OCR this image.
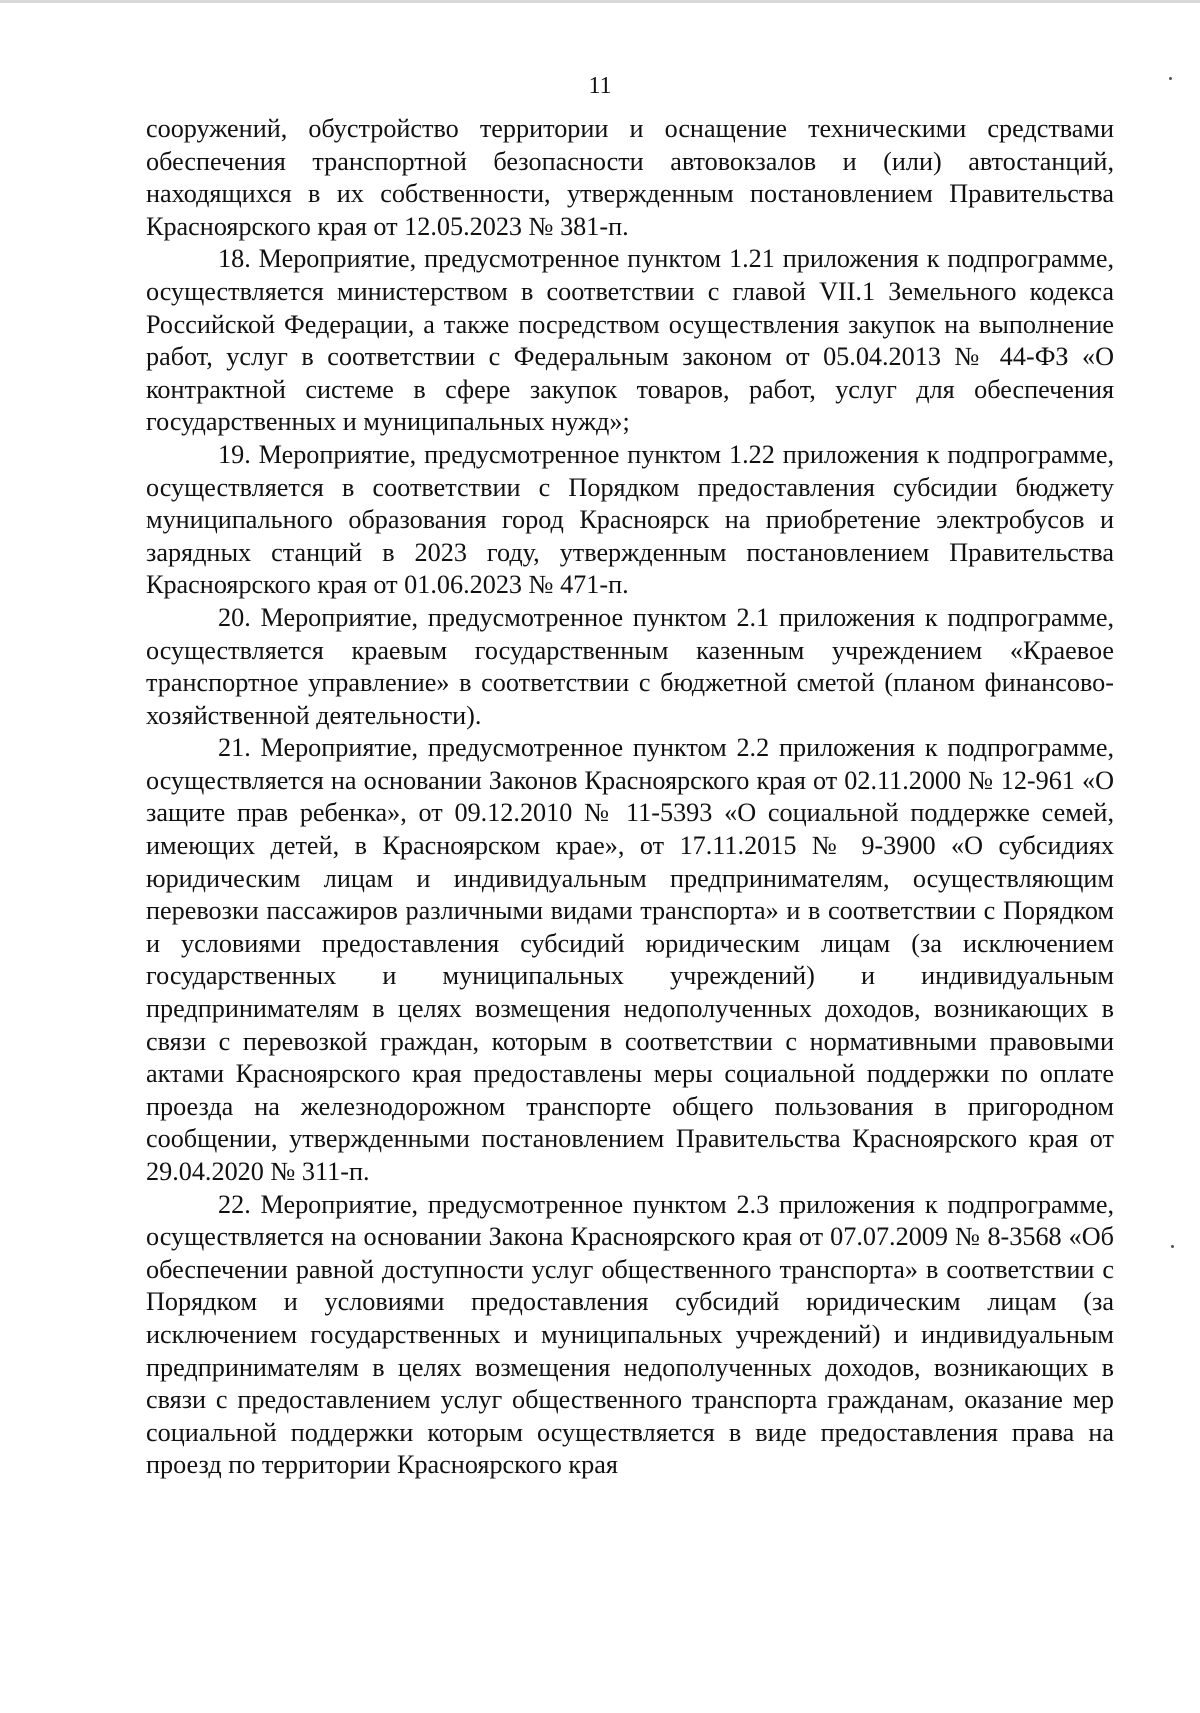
11

сооружений, обустройство территории и оснащение техническими средствами обеспечения транспортной безопасности автовокзалов и (или) автостанций, находящихся в их собственности, утвержденным постановлением Правительства Красноярского края от 12.05.2023 № 381-п.

18. Мероприятие, предусмотренное пунктом 1.21 приложения к подпрограмме, осуществляется министерством в соответствии с главой VII.1 Земельного кодекса Российской Федерации, а также посредством осуществления закупок на выполнение работ, услуг в соответствии с Федеральным законом от 05.04.2013 № 44-ФЗ «О контрактной системе в сфере закупок товаров, работ, услуг для обеспечения государственных и муниципальных нужд»;

19. Мероприятие, предусмотренное пунктом 1.22 приложения к подпрограмме, осуществляется в соответствии с Порядком предоставления субсидии бюджету муниципального образования город Красноярск на приобретение электробусов и зарядных станций в 2023 году, утвержденным постановлением Правительства Красноярского края от 01.06.2023 № 471-п.

20. Мероприятие, предусмотренное пунктом 2.1 приложения к подпрограмме, осуществляется краевым государственным казенным учреждением «Краевое транспортное управление» в соответствии с бюджетной сметой (планом финансово-хозяйственной деятельности).

21. Мероприятие, предусмотренное пунктом 2.2 приложения к подпрограмме, осуществляется на основании Законов Красноярского края от 02.11.2000 № 12-961 «О защите прав ребенка», от 09.12.2010 № 11-5393 «О социальной поддержке семей, имеющих детей, в Красноярском крае», от 17.11.2015 № 9-3900 «О субсидиях юридическим лицам и индивидуальным предпринимателям, осуществляющим перевозки пассажиров различными видами транспорта» и в соответствии с Порядком и условиями предоставления субсидий юридическим лицам (за исключением государственных и муниципальных учреждений) и индивидуальным предпринимателям в целях возмещения недополученных доходов, возникающих в связи с перевозкой граждан, которым в соответствии с нормативными правовыми актами Красноярского края предоставлены меры социальной поддержки по оплате проезда на железнодорожном транспорте общего пользования в пригородном сообщении, утвержденными постановлением Правительства Красноярского края от 29.04.2020 № 311-п.

22. Мероприятие, предусмотренное пунктом 2.3 приложения к подпрограмме, осуществляется на основании Закона Красноярского края от 07.07.2009 № 8-3568 «Об обеспечении равной доступности услуг общественного транспорта» в соответствии с Порядком и условиями предоставления субсидий юридическим лицам (за исключением государственных и муниципальных учреждений) и индивидуальным предпринимателям в целях возмещения недополученных доходов, возникающих в связи с предоставлением услуг общественного транспорта гражданам, оказание мер социальной поддержки которым осуществляется в виде предоставления права на проезд по территории Красноярского края
